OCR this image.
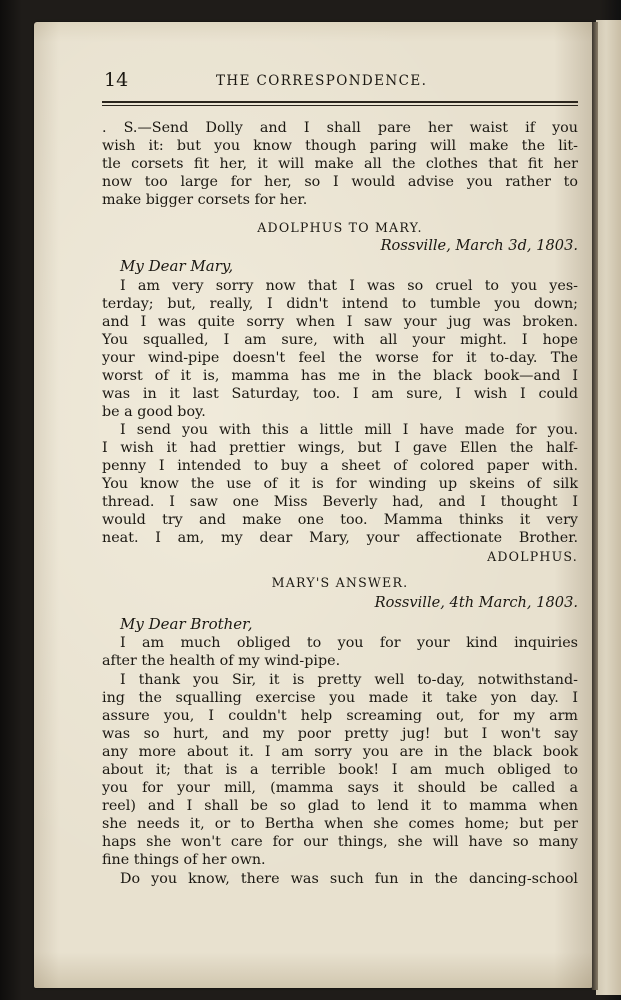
14	THE CORRESPONDENCE.
. S.—Send Dolly and I shall pare her waist if you
wish it: but you know though paring will make the lit-
tle corsets fit her, it will make all the clothes that fit her
now too large for her, so I would advise you rather to
make bigger corsets for her.
ADOLPHUS TO MARY.
Rossville, March 3d, 1803.
My Dear Mary,
I am very sorry now that I was so cruel to you yes-
terday; but, really, I didn't intend to tumble you down;
and I was quite sorry when I saw your jug was broken.
You squalled, I am sure, with all your might. I hope
your wind-pipe doesn't feel the worse for it to-day. The
worst of it is, mamma has me in the black book—and I
was in it last Saturday, too. I am sure, I wish I could
be a good boy.
I send you with this a little mill I have made for you.
I wish it had prettier wings, but I gave Ellen the half-
penny I intended to buy a sheet of colored paper with.
You know the use of it is for winding up skeins of silk
thread. I saw one Miss Beverly had, and I thought I
would try and make one too. Mamma thinks it very
neat. I am, my dear Mary, your affectionate Brother.
ADOLPHUS.
MARY'S ANSWER.
Rossville, 4th March, 1803.
My Dear Brother,
I am much obliged to you for your kind inquiries
after the health of my wind-pipe.
I thank you Sir, it is pretty well to-day, notwithstand-
ing the squalling exercise you made it take yon day. I
assure you, I couldn't help screaming out, for my arm
was so hurt, and my poor pretty jug! but I won't say
any more about it. I am sorry you are in the black book
about it; that is a terrible book! I am much obliged to
you for your mill, (mamma says it should be called a
reel) and I shall be so glad to lend it to mamma when
she needs it, or to Bertha when she comes home; but per
haps she won't care for our things, she will have so many
fine things of her own.
Do you know, there was such fun in the dancing-school
